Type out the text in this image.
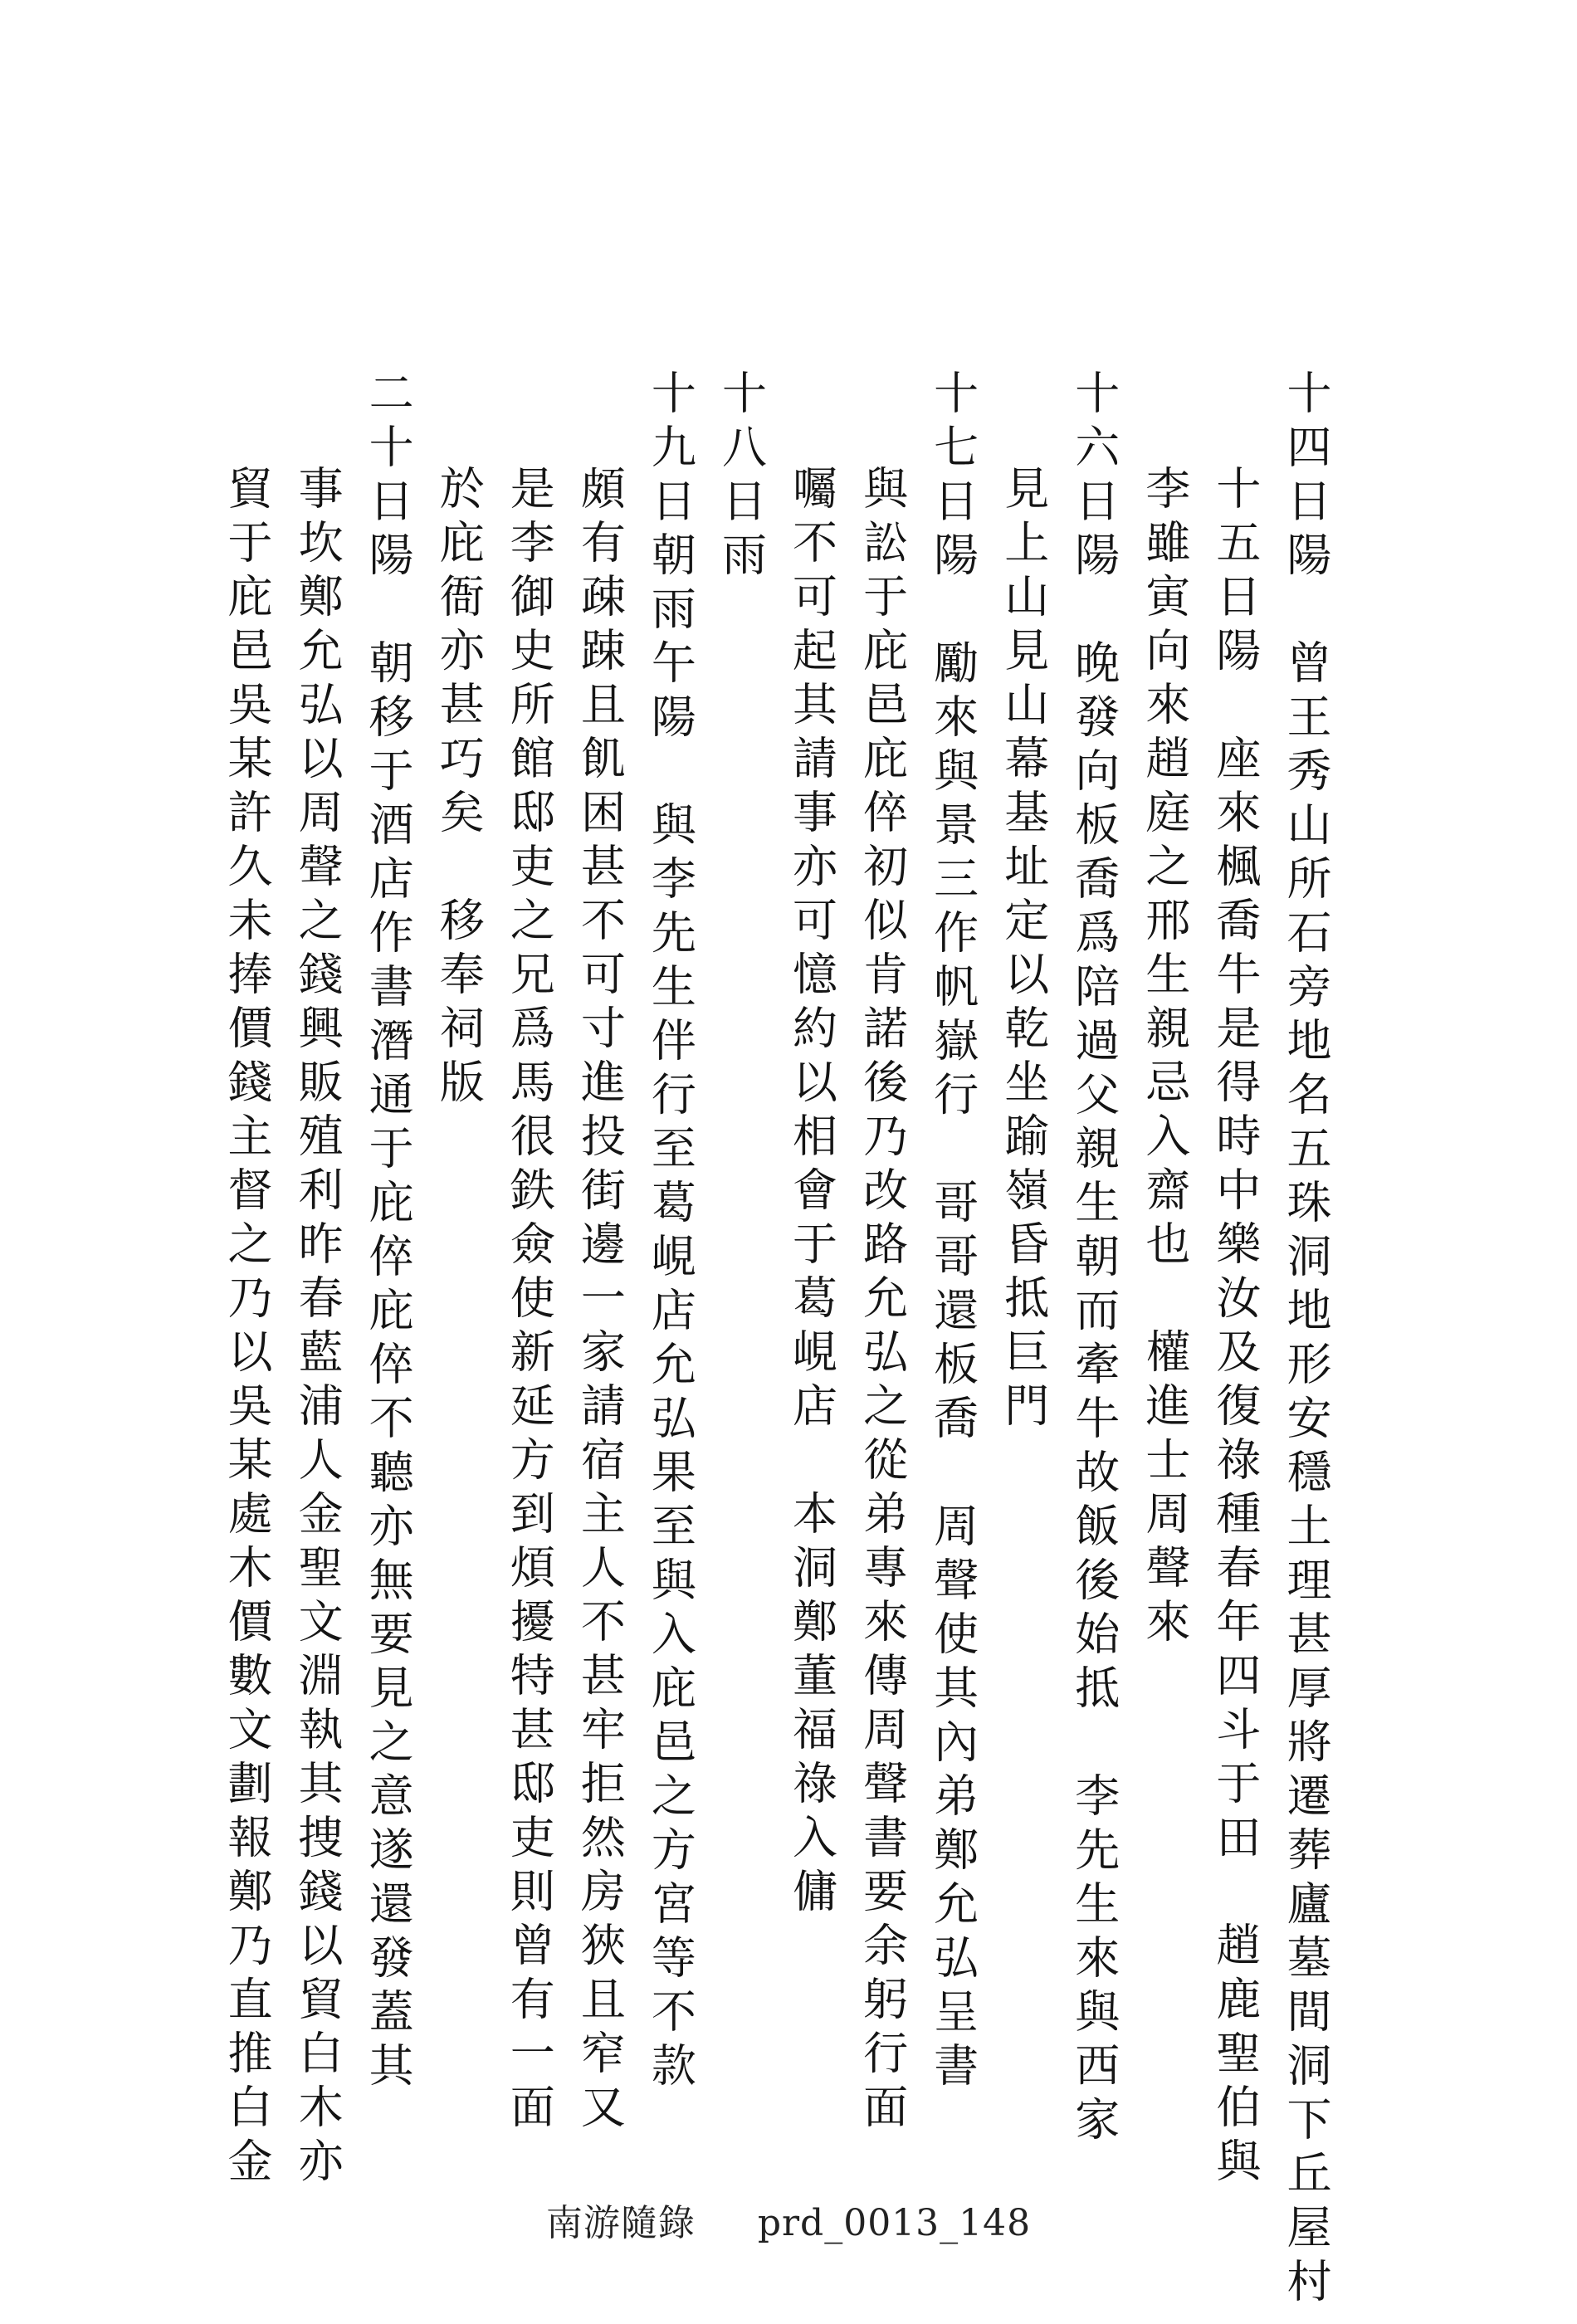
十四日陽　曾王秀山所石旁地名五珠洞地形安穩土理甚厚將遷葬廬墓間洞下丘屋村
十五日陽　座來楓喬牛是得時中樂汝及復祿種春年四斗于田　趙鹿聖伯與
李雖寅向來趙庭之邢生親忌入齋也　權進士周聲來
十六日陽　晚發向板喬爲陪過父親生朝而牽牛故飯後始抵　李先生來與西家
見上山見山幕基址定以乾坐踰嶺昏抵巨門
十七日陽　勵來與景三作帆嶽行　哥哥還板喬　周聲使其內弟鄭允弘呈書
與訟于庇邑庇倅初似肯諾後乃改路允弘之從弟專來傳周聲書要余躬行面
囑不可起其請事亦可憶約以相會于葛峴店　本洞鄭董福祿入傭
十八日雨
十九日朝雨午陽　與李先生伴行至葛峴店允弘果至與入庇邑之方宮等不款
頗有疎踈且飢困甚不可寸進投街邊一家請宿主人不甚牢拒然房狹且窄又
是李御史所館邸吏之兄爲馬很鉄僉使新延方到煩擾特甚邸吏則曾有一面
於庇衙亦甚巧矣　移奉祠版
二十日陽　朝移于酒店作書潛通于庇倅庇倅不聽亦無要見之意遂還發蓋其
事坎鄭允弘以周聲之錢興販殖利昨春藍浦人金聖文淵執其捜錢以貿白木亦
貿于庇邑吳某許久未捧價錢主督之乃以吳某處木價數文劃報鄭乃直推白金
南游隨錄 prd_0013_148
